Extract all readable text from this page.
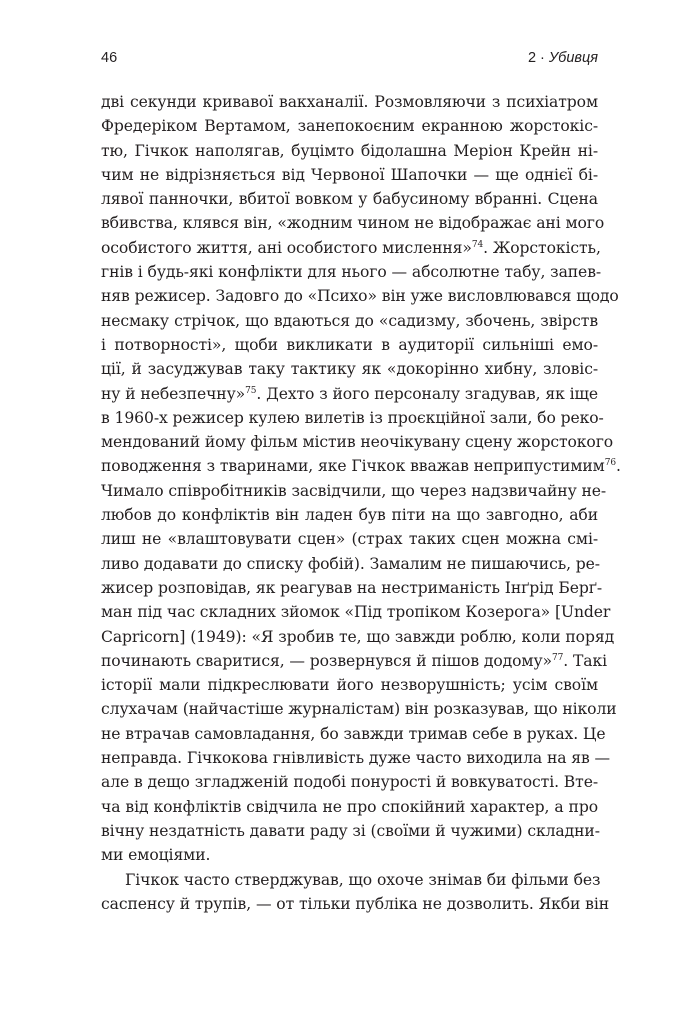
46	2 · Убивця
дві секунди кривавої вакханалії. Розмовляючи з психіатром
Фредеріком Вертамом, занепокоєним екранною жорстокіс-
тю, Гічкок наполягав, буцімто бідолашна Меріон Крейн ні-
чим не відрізняється від Червоної Шапочки — ще однієї бі-
лявої панночки, вбитої вовком у бабусиному вбранні. Сцена
вбивства, клявся він, «жодним чином не відображає ані мого
особистого життя, ані особистого мислення»$^{74}$. Жорстокість,
гнів і будь-які конфлікти для нього — абсолютне табу, запев-
няв режисер. Задовго до «Психо» він уже висловлювався щодо
несмаку стрічок, що вдаються до «садизму, збочень, звірств
і потворності», щоби викликати в аудиторії сильніші емо-
ції, й засуджував таку тактику як «докорінно хибну, зловіс-
ну й небезпечну»$^{75}$. Дехто з його персоналу згадував, як іще
в 1960-х режисер кулею вилетів із проєкційної зали, бо реко-
мендований йому фільм містив неочікувану сцену жорстокого
поводження з тваринами, яке Гічкок вважав неприпустимим$^{76}$.
Чимало співробітників засвідчили, що через надзвичайну не-
любов до конфліктів він ладен був піти на що завгодно, аби
лиш не «влаштовувати сцен» (страх таких сцен можна смі-
ливо додавати до списку фобій). Замалим не пишаючись, ре-
жисер розповідав, як реагував на нестриманість Інґрід Берґ-
ман під час складних зйомок «Під тропіком Козерога» [Under
Capricorn] (1949): «Я зробив те, що завжди роблю, коли поряд
починають сваритися, — розвернувся й пішов додому»$^{77}$. Такі
історії мали підкреслювати його незворушність; усім своїм
слухачам (найчастіше журналістам) він розказував, що ніколи
не втрачав самовладання, бо завжди тримав себе в руках. Це
неправда. Гічкокова гнівливість дуже часто виходила на яв —
але в дещо згладженій подобі понурості й вовкуватості. Вте-
ча від конфліктів свідчила не про спокійний характер, а про
вічну нездатність давати раду зі (своїми й чужими) складни-
ми емоціями.
Гічкок часто стверджував, що охоче знімав би фільми без
саспенсу й трупів, — от тільки публіка не дозволить. Якби він
